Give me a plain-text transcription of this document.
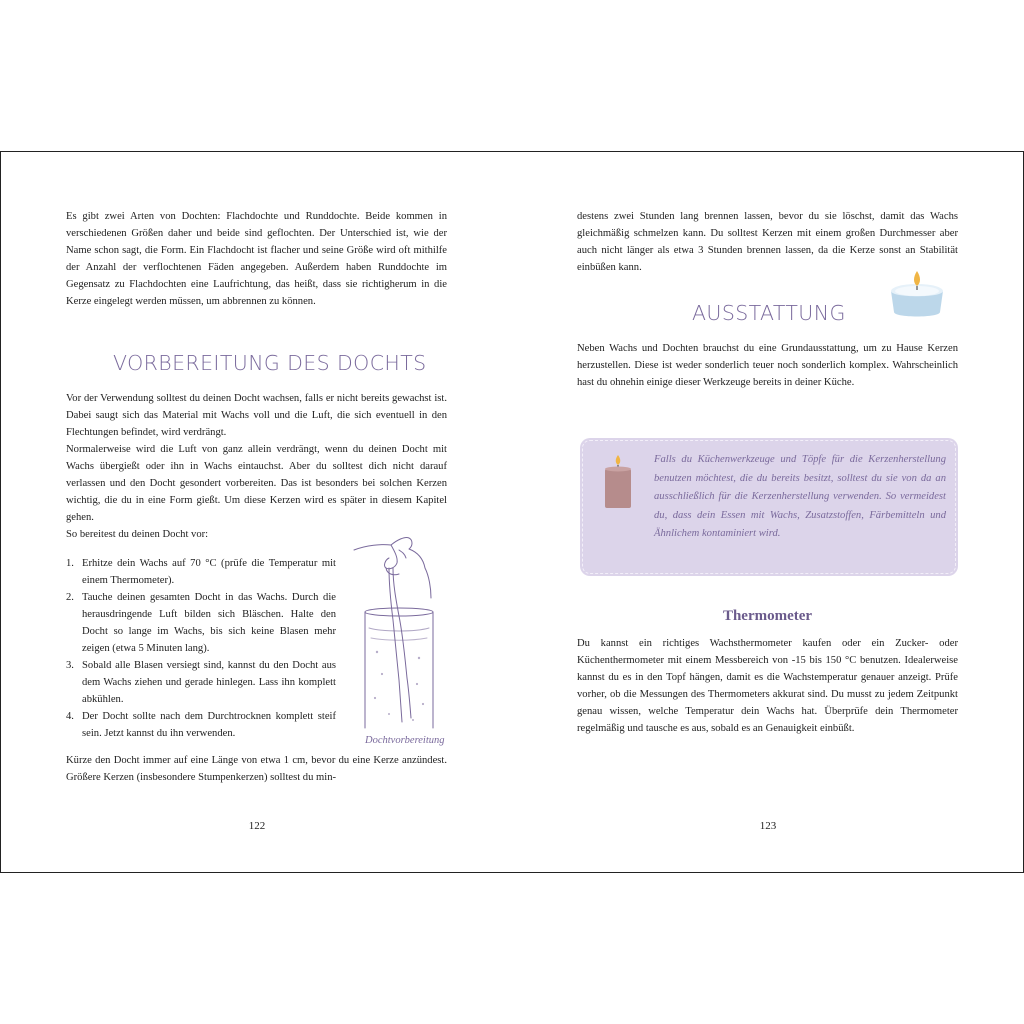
Es gibt zwei Arten von Dochten: Flachdochte und Runddochte. Beide kommen in verschiedenen Größen daher und beide sind geflochten. Der Unterschied ist, wie der Name schon sagt, die Form. Ein Flachdocht ist flacher und seine Größe wird oft mithilfe der Anzahl der verflochtenen Fäden angegeben. Außerdem haben Runddochte im Gegensatz zu Flachdochten eine Laufrichtung, das heißt, dass sie richtigherum in die Kerze eingelegt werden müssen, um abbrennen zu können.

VORBEREITUNG DES DOCHTS

Vor der Verwendung solltest du deinen Docht wachsen, falls er nicht bereits gewachst ist. Dabei saugt sich das Material mit Wachs voll und die Luft, die sich eventuell in den Flechtungen befindet, wird verdrängt.

Normalerweise wird die Luft von ganz allein verdrängt, wenn du deinen Docht mit Wachs übergießt oder ihn in Wachs eintauchst. Aber du solltest dich nicht darauf verlassen und den Docht gesondert vorbereiten. Das ist besonders bei solchen Kerzen wichtig, die du in eine Form gießt. Um diese Kerzen wird es später in diesem Kapitel gehen.

So bereitest du deinen Docht vor:

1. Erhitze dein Wachs auf 70 °C (prüfe die Temperatur mit einem Thermometer).
2. Tauche deinen gesamten Docht in das Wachs. Durch die herausdringende Luft bilden sich Bläschen. Halte den Docht so lange im Wachs, bis sich keine Blasen mehr zeigen (etwa 5 Minuten lang).
3. Sobald alle Blasen versiegt sind, kannst du den Docht aus dem Wachs ziehen und gerade hinlegen. Lass ihn komplett abkühlen.
4. Der Docht sollte nach dem Durchtrocknen komplett steif sein. Jetzt kannst du ihn verwenden.
Dochtvorbereitung

Kürze den Docht immer auf eine Länge von etwa 1 cm, bevor du eine Kerze anzündest. Größere Kerzen (insbesondere Stumpenkerzen) solltest du min-

122

destens zwei Stunden lang brennen lassen, bevor du sie löschst, damit das Wachs gleichmäßig schmelzen kann. Du solltest Kerzen mit einem großen Durchmesser aber auch nicht länger als etwa 3 Stunden brennen lassen, da die Kerze sonst an Stabilität einbüßen kann.

AUSSTATTUNG

Neben Wachs und Dochten brauchst du eine Grundausstattung, um zu Hause Kerzen herzustellen. Diese ist weder sonderlich teuer noch sonderlich komplex. Wahrscheinlich hast du ohnehin einige dieser Werkzeuge bereits in deiner Küche.

Falls du Küchenwerkzeuge und Töpfe für die Kerzenherstellung benutzen möchtest, die du bereits besitzt, solltest du sie von da an ausschließlich für die Kerzenherstellung verwenden. So vermeidest du, dass dein Essen mit Wachs, Zusatzstoffen, Färbemitteln und Ähnlichem kontaminiert wird.
Thermometer

Du kannst ein richtiges Wachsthermometer kaufen oder ein Zucker- oder Küchenthermometer mit einem Messbereich von -15 bis 150 °C benutzen. Idealerweise kannst du es in den Topf hängen, damit es die Wachstemperatur genauer anzeigt. Prüfe vorher, ob die Messungen des Thermometers akkurat sind. Du musst zu jedem Zeitpunkt genau wissen, welche Temperatur dein Wachs hat. Überprüfe dein Thermometer regelmäßig und tausche es aus, sobald es an Genauigkeit einbüßt.

123
